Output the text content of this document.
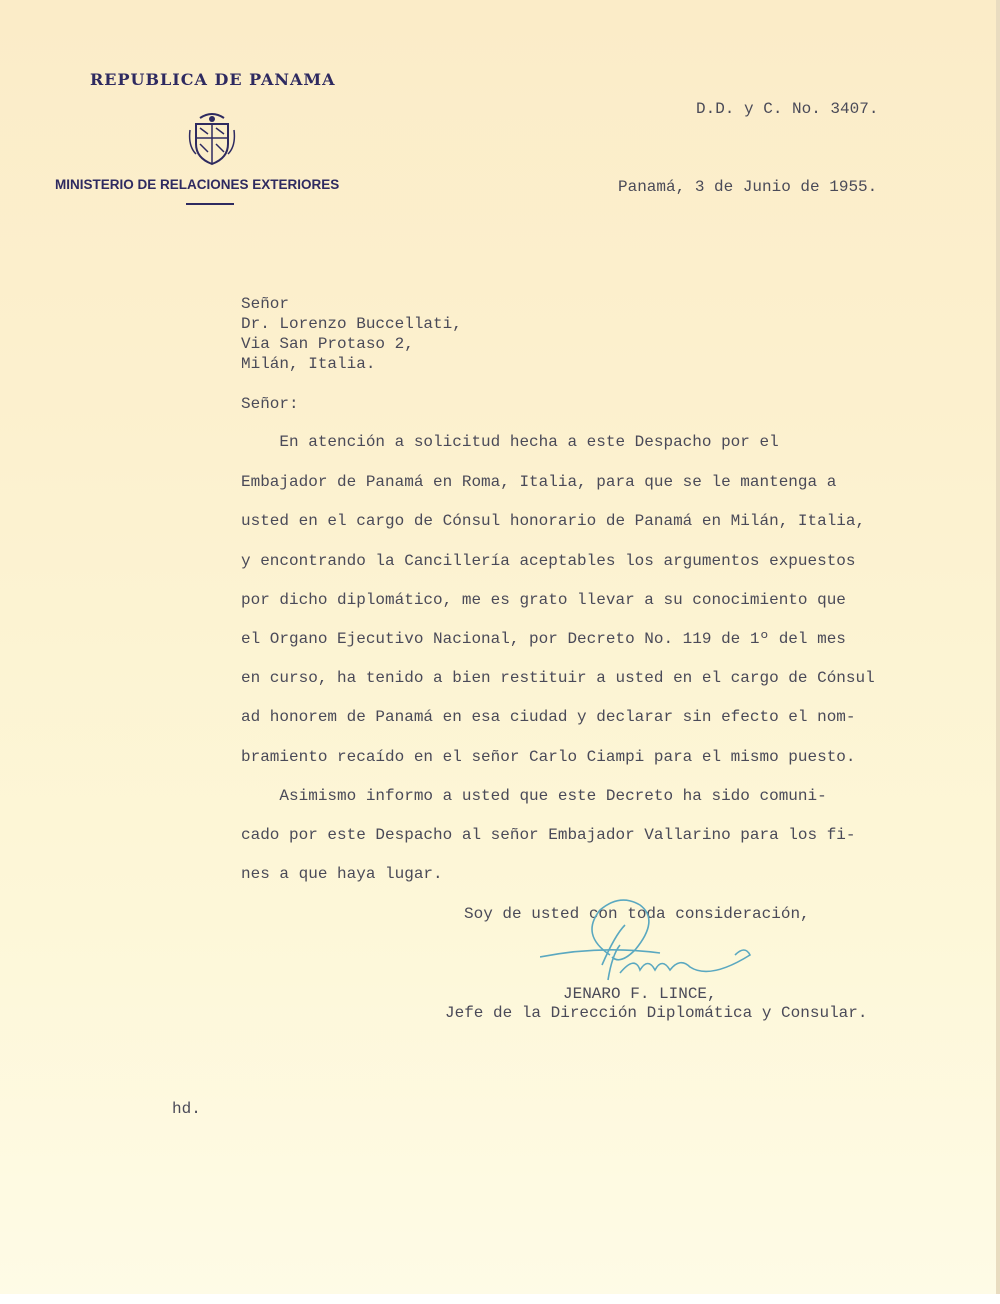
REPUBLICA DE PANAMA
MINISTERIO DE RELACIONES EXTERIORES
D.D. y C. No. 3407.
Panamá, 3 de Junio de 1955.
Señor
Dr. Lorenzo Buccellati,
Via San Protaso 2,
Milán, Italia.
Señor:
En atención a solicitud hecha a este Despacho por el
Embajador de Panamá en Roma, Italia, para que se le mantenga a
usted en el cargo de Cónsul honorario de Panamá en Milán, Italia,
y encontrando la Cancillería aceptables los argumentos expuestos
por dicho diplomático, me es grato llevar a su conocimiento que
el Organo Ejecutivo Nacional, por Decreto No. 119 de 1º del mes
en curso, ha tenido a bien restituir a usted en el cargo de Cónsul
ad honorem de Panamá en esa ciudad y declarar sin efecto el nom-
bramiento recaído en el señor Carlo Ciampi para el mismo puesto.
Asimismo informo a usted que este Decreto ha sido comuni-
cado por este Despacho al señor Embajador Vallarino para los fi-
nes a que haya lugar.
Soy de usted con toda consideración,
JENARO F. LINCE,
Jefe de la Dirección Diplomática y Consular.
hd.
